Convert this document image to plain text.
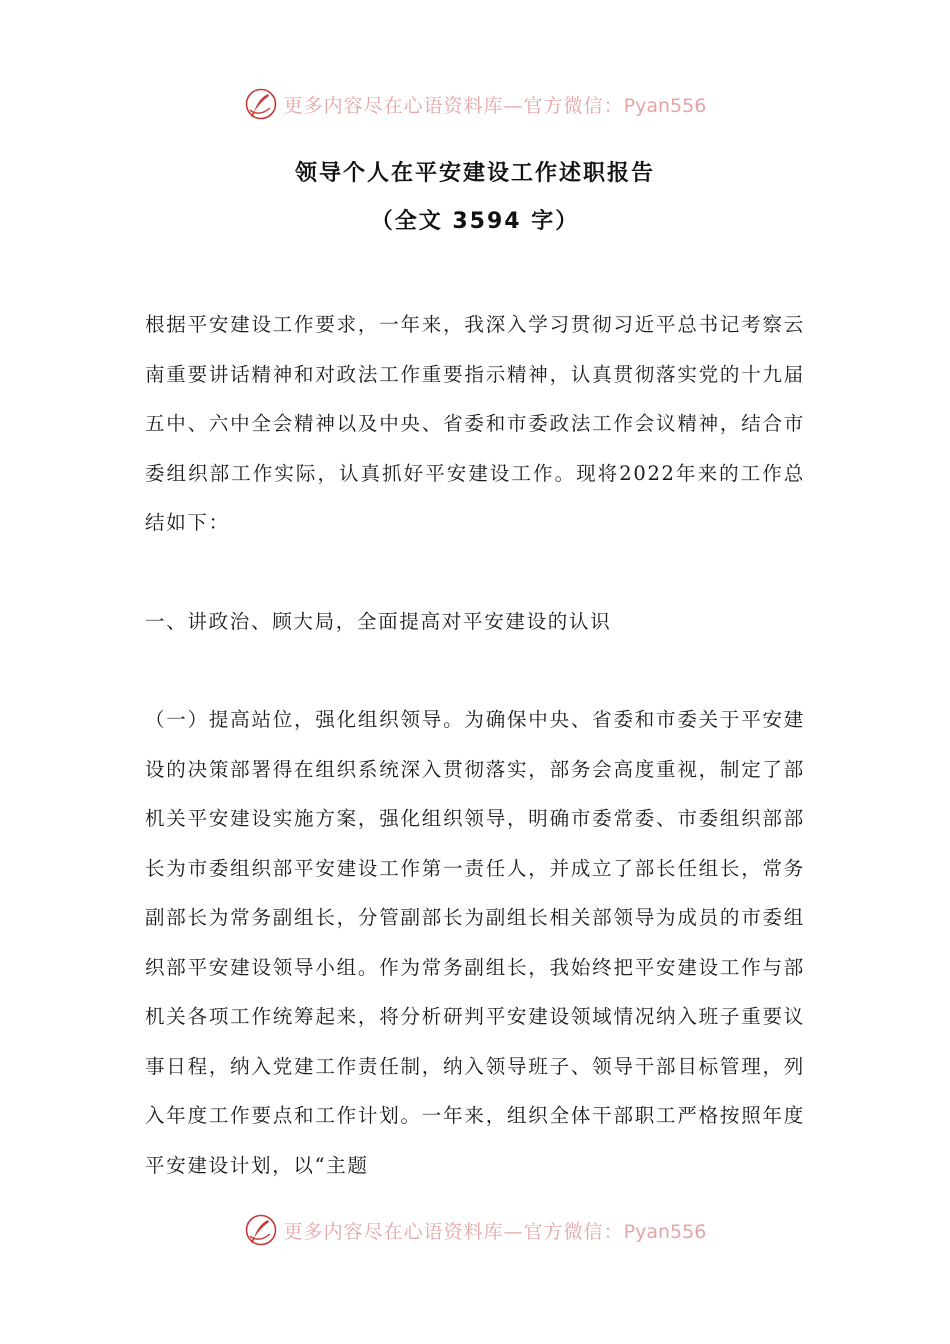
更多内容尽在心语资料库—官方微信：Pyan556
领导个人在平安建设工作述职报告
（全文 3594 字）

根据平安建设工作要求，一年来，我深入学习贯彻习近平总书记考察云南重要讲话精神和对政法工作重要指示精神，认真贯彻落实党的十九届五中、六中全会精神以及中央、省委和市委政法工作会议精神，结合市委组织部工作实际，认真抓好平安建设工作。现将2022年来的工作总结如下：

一、讲政治、顾大局，全面提高对平安建设的认识

（一）提高站位，强化组织领导。为确保中央、省委和市委关于平安建设的决策部署得在组织系统深入贯彻落实，部务会高度重视，制定了部机关平安建设实施方案，强化组织领导，明确市委常委、市委组织部部长为市委组织部平安建设工作第一责任人，并成立了部长任组长，常务副部长为常务副组长，分管副部长为副组长相关部领导为成员的市委组织部平安建设领导小组。作为常务副组长，我始终把平安建设工作与部机关各项工作统筹起来，将分析研判平安建设领域情况纳入班子重要议事日程，纳入党建工作责任制，纳入领导班子、领导干部目标管理，列入年度工作要点和工作计划。一年来，组织全体干部职工严格按照年度平安建设计划，以“主题

更多内容尽在心语资料库—官方微信：Pyan556
